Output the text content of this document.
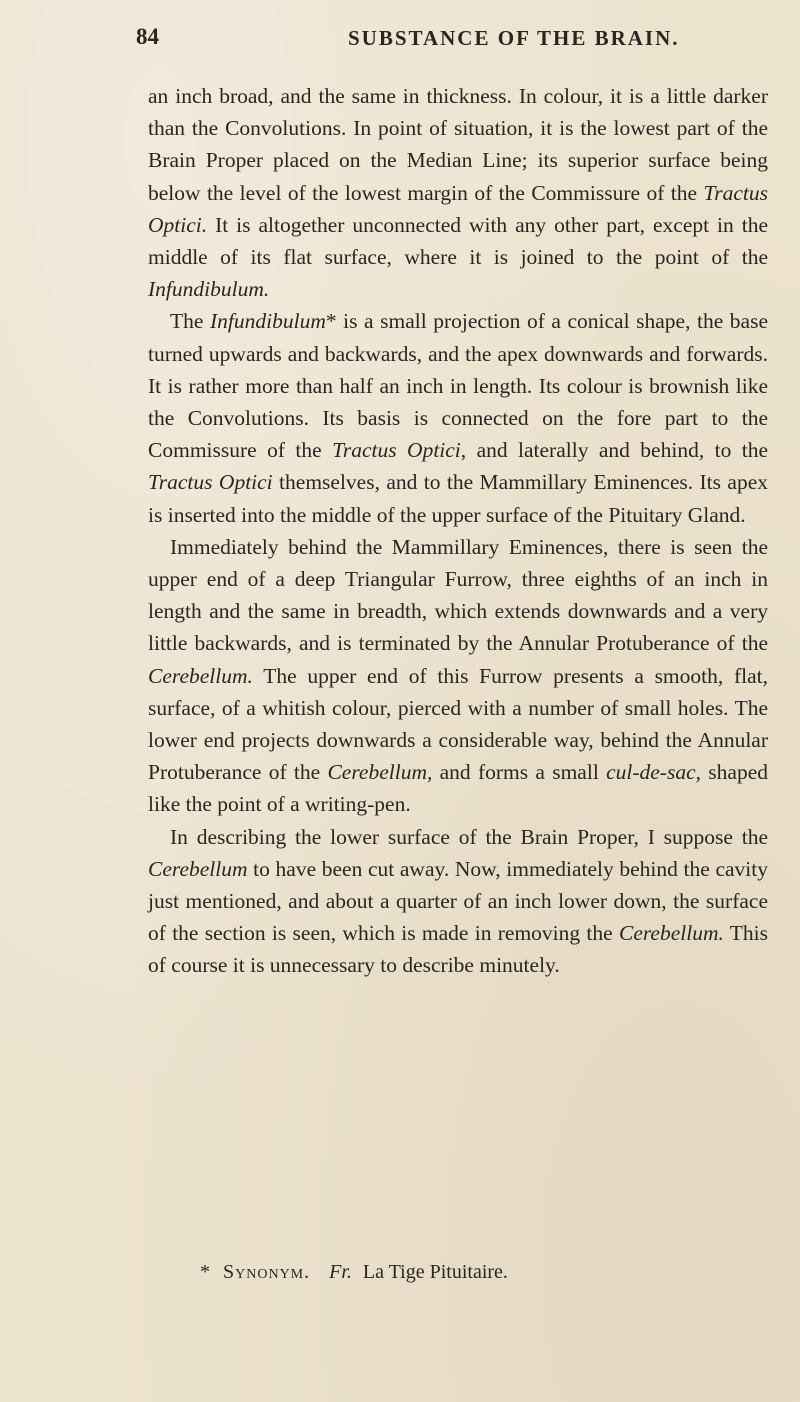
84	SUBSTANCE OF THE BRAIN.

an inch broad, and the same in thickness. In colour, it is a little darker than the Convolutions. In point of situation, it is the lowest part of the Brain Proper placed on the Median Line; its superior surface being below the level of the lowest margin of the Commissure of the Tractus Optici. It is altogether unconnected with any other part, except in the middle of its flat surface, where it is joined to the point of the Infundibulum.

The Infundibulum* is a small projection of a conical shape, the base turned upwards and backwards, and the apex downwards and forwards. It is rather more than half an inch in length. Its colour is brownish like the Convolutions. Its basis is connected on the fore part to the Commissure of the Tractus Optici, and laterally and behind, to the Tractus Optici themselves, and to the Mammillary Eminences. Its apex is inserted into the middle of the upper surface of the Pituitary Gland.

Immediately behind the Mammillary Eminences, there is seen the upper end of a deep Triangular Furrow, three eighths of an inch in length and the same in breadth, which extends downwards and a very little backwards, and is terminated by the Annular Protuberance of the Cerebellum. The upper end of this Furrow presents a smooth, flat, surface, of a whitish colour, pierced with a number of small holes. The lower end projects downwards a considerable way, behind the Annular Protuberance of the Cerebellum, and forms a small cul-de-sac, shaped like the point of a writing-pen.

In describing the lower surface of the Brain Proper, I suppose the Cerebellum to have been cut away. Now, immediately behind the cavity just mentioned, and about a quarter of an inch lower down, the surface of the section is seen, which is made in removing the Cerebellum. This of course it is unnecessary to describe minutely.

* Synonym. Fr. La Tige Pituitaire.
